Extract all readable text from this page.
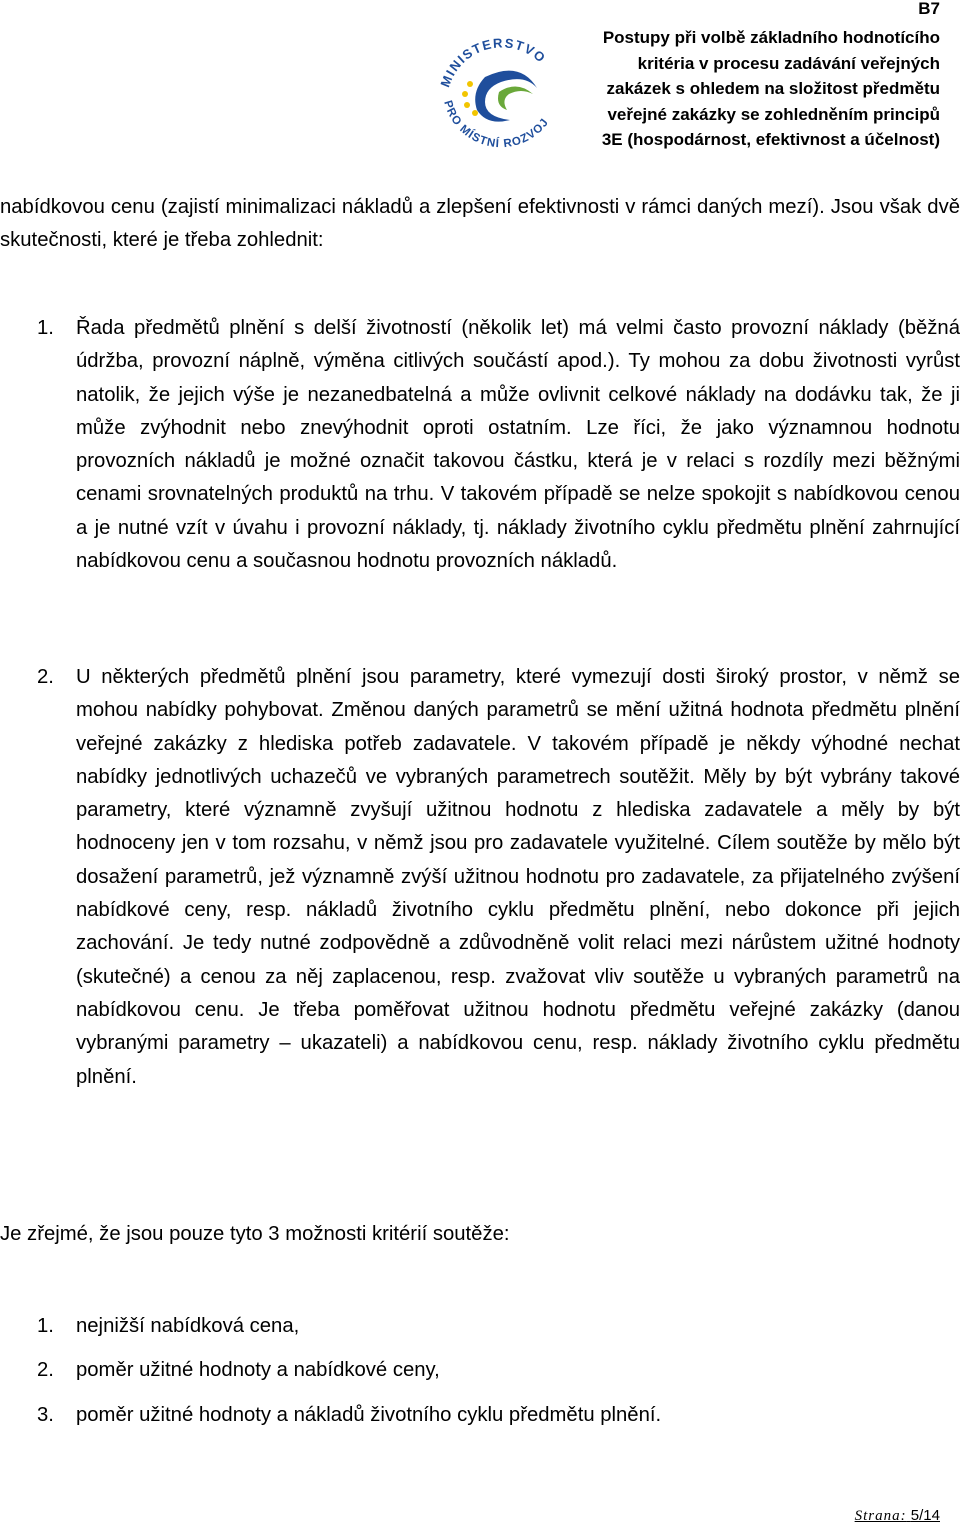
MINISTERSTVO
PRO MÍSTNÍ ROZVOJ
B7
Postupy při volbě základního hodnotícího
kritéria v procesu zadávání veřejných
zakázek s ohledem na složitost předmětu
veřejné zakázky se zohledněním principů
3E (hospodárnost, efektivnost a účelnost)
nabídkovou cenu (zajistí minimalizaci nákladů a zlepšení efektivnosti v rámci daných mezí). Jsou však dvě skutečnosti, které je třeba zohlednit:
1. Řada předmětů plnění s delší životností (několik let) má velmi často provozní náklady (běžná údržba, provozní náplně, výměna citlivých součástí apod.). Ty mohou za dobu životnosti vyrůst natolik, že jejich výše je nezanedbatelná a může ovlivnit celkové náklady na dodávku tak, že ji může zvýhodnit nebo znevýhodnit oproti ostatním. Lze říci, že jako významnou hodnotu provozních nákladů je možné označit takovou částku, která je v relaci s rozdíly mezi běžnými cenami srovnatelných produktů na trhu. V takovém případě se nelze spokojit s nabídkovou cenou a je nutné vzít v úvahu i provozní náklady, tj. náklady životního cyklu předmětu plnění zahrnující nabídkovou cenu a současnou hodnotu provozních nákladů.
2. U některých předmětů plnění jsou parametry, které vymezují dosti široký prostor, v němž se mohou nabídky pohybovat. Změnou daných parametrů se mění užitná hodnota předmětu plnění veřejné zakázky z hlediska potřeb zadavatele. V takovém případě je někdy výhodné nechat nabídky jednotlivých uchazečů ve vybraných parametrech soutěžit. Měly by být vybrány takové parametry, které významně zvyšují užitnou hodnotu z hlediska zadavatele a měly by být hodnoceny jen v tom rozsahu, v němž jsou pro zadavatele využitelné. Cílem soutěže by mělo být dosažení parametrů, jež významně zvýší užitnou hodnotu pro zadavatele, za přijatelného zvýšení nabídkové ceny, resp. nákladů životního cyklu předmětu plnění, nebo dokonce při jejich zachování. Je tedy nutné zodpovědně a zdůvodněně volit relaci mezi nárůstem užitné hodnoty (skutečné) a cenou za něj zaplacenou, resp. zvažovat vliv soutěže u vybraných parametrů na nabídkovou cenu. Je třeba poměřovat užitnou hodnotu předmětu veřejné zakázky (danou vybranými parametry – ukazateli) a nabídkovou cenu, resp. náklady životního cyklu předmětu plnění.
Je zřejmé, že jsou pouze tyto 3 možnosti kritérií soutěže:
1. nejnižší nabídková cena,
2. poměr užitné hodnoty a nabídkové ceny,
3. poměr užitné hodnoty a nákladů životního cyklu předmětu plnění.
Strana: 5/14
